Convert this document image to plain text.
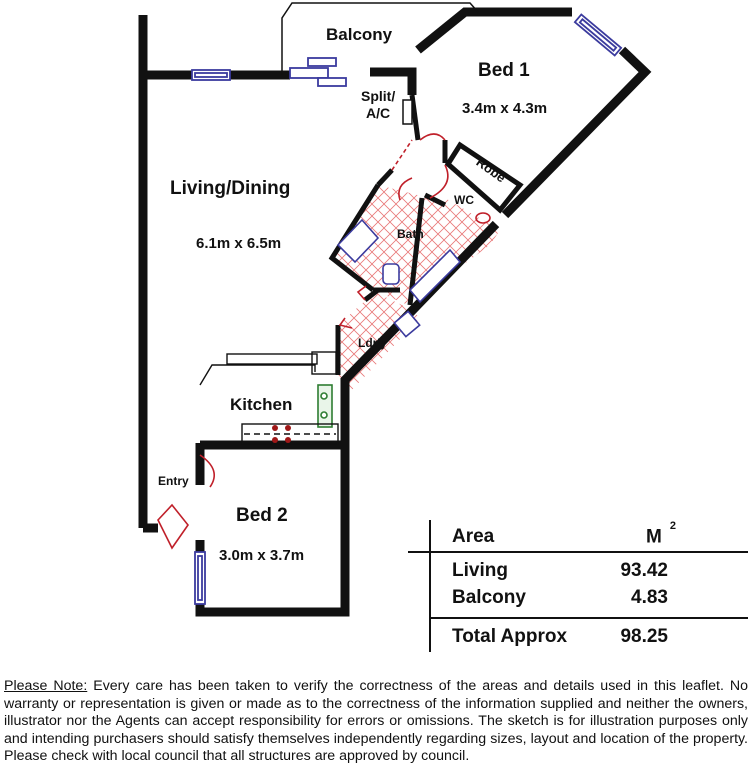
Balcony
Bed 1
3.4m x 4.3m
Split/
A/C
Robe
WC
Bath
Living/Dining
6.1m x 6.5m
Ldr'y
Kitchen
Entry
Bed 2
3.0m x 3.7m
Area	$M^2$
Living	93.42
Balcony	4.83
Total Approx	98.25
Please Note: Every care has been taken to verify the correctness of the areas and details used in this leaflet. No warranty or representation is given or made as to the correctness of the information supplied and neither the owners, illustrator nor the Agents can accept responsibility for errors or omissions. The sketch is for illustration purposes only and intending purchasers should satisfy themselves independently regarding sizes, layout and location of the property. Please check with local council that all structures are approved by council.
